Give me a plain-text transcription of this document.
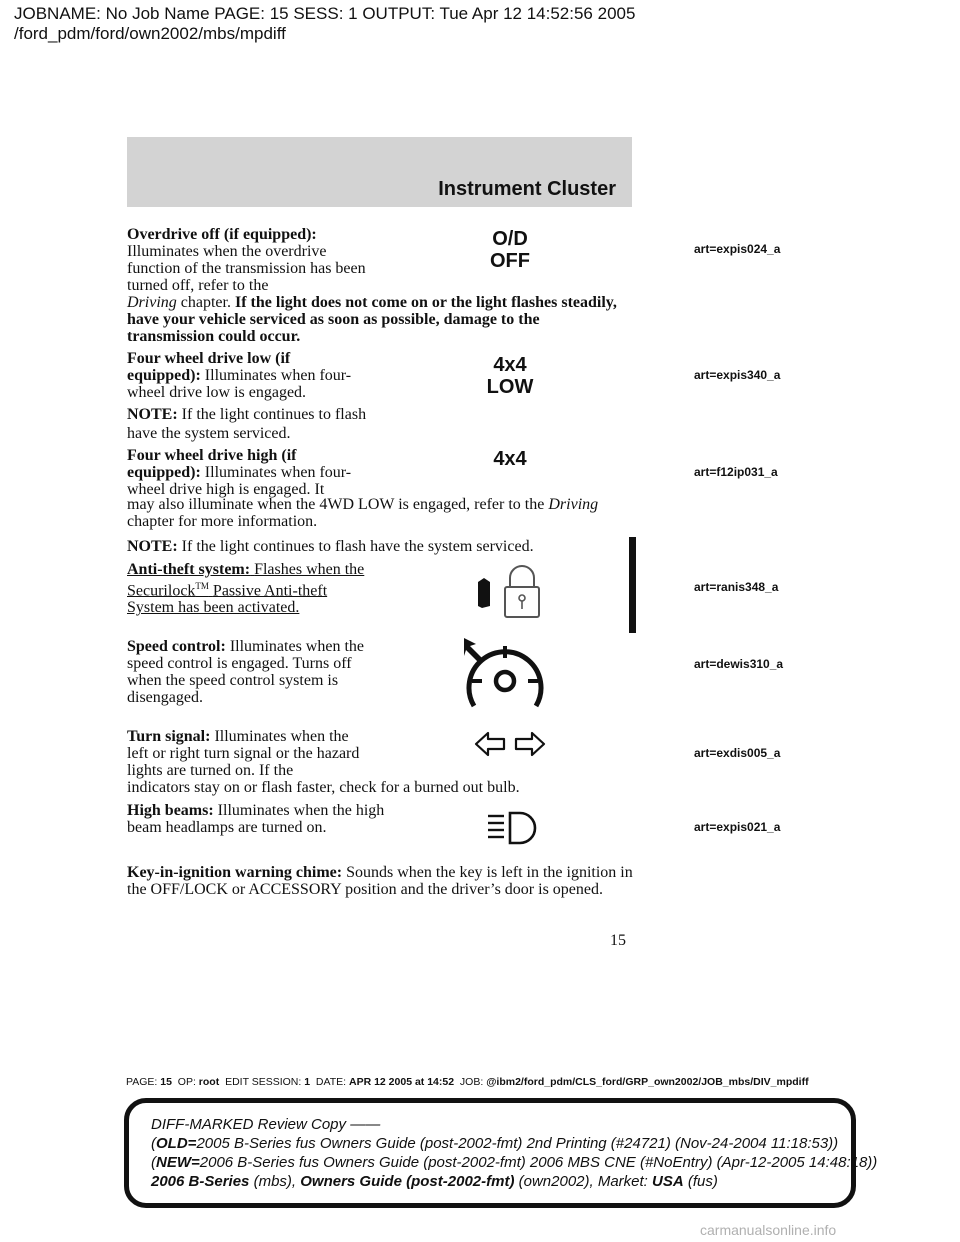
JOBNAME: No Job Name PAGE: 15 SESS: 1 OUTPUT: Tue Apr 12 14:52:56 2005
/ford_pdm/ford/own2002/mbs/mpdiff
Instrument Cluster
Overdrive off (if equipped):
Illuminates when the overdrive function of the transmission has been turned off, refer to the
Driving chapter. If the light does not come on or the light flashes steadily, have your vehicle serviced as soon as possible, damage to the transmission could occur.
O/D
OFF
art=expis024_a
Four wheel drive low (if equipped): Illuminates when four-wheel drive low is engaged.
NOTE: If the light continues to flash have the system serviced.
4x4
LOW
art=expis340_a
Four wheel drive high (if equipped): Illuminates when four-wheel drive high is engaged. It
may also illuminate when the 4WD LOW is engaged, refer to the Driving chapter for more information.
NOTE: If the light continues to flash have the system serviced.
4x4
art=f12ip031_a
Anti-theft system: Flashes when the Securilock™ Passive Anti-theft System has been activated.
art=ranis348_a
Speed control: Illuminates when the speed control is engaged. Turns off when the speed control system is disengaged.
art=dewis310_a
Turn signal: Illuminates when the left or right turn signal or the hazard lights are turned on. If the
indicators stay on or flash faster, check for a burned out bulb.
art=exdis005_a
High beams: Illuminates when the high beam headlamps are turned on.	art=expis021_a
Key-in-ignition warning chime: Sounds when the key is left in the ignition in the OFF/LOCK or ACCESSORY position and the driver’s door is opened.
15
PAGE: 15 OP: root EDIT SESSION: 1 DATE: APR 12 2005 at 14:52 JOB: @ibm2/ford_pdm/CLS_ford/GRP_own2002/JOB_mbs/DIV_mpdiff
DIFF-MARKED Review Copy ——
(OLD=2005 B-Series fus Owners Guide (post-2002-fmt) 2nd Printing (#24721) (Nov-24-2004 11:18:53))
(NEW=2006 B-Series fus Owners Guide (post-2002-fmt) 2006 MBS CNE (#NoEntry) (Apr-12-2005 14:48:18))
2006 B-Series (mbs), Owners Guide (post-2002-fmt) (own2002), Market: USA (fus)
carmanualsonline.info
